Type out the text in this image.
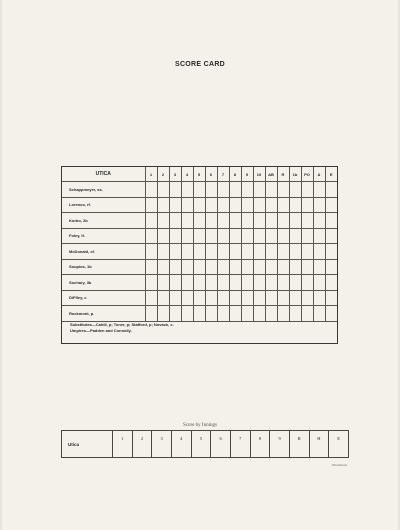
SCORE CARD
UTICA	1	2	3	4	5	6	7	8	9	10	AB	R	1b	PO	A	E
Schappmeyer, ss.																
Lorenco, rf.																
Korbo, 2b																
Foley, lf.																
McDonald, cf.																
Soupios, 1b																
Sochary, 3b																
DiFfley, c																
Rockmont, p.																
Substitutes—Cahill, p; Toner, p; Stafford, p; Novack, c.
Umpires—Padden and Connolly.
Score by Innings
Utica	1	2	3	4	5	6	7	8	9	R	H	E
Woodstock
